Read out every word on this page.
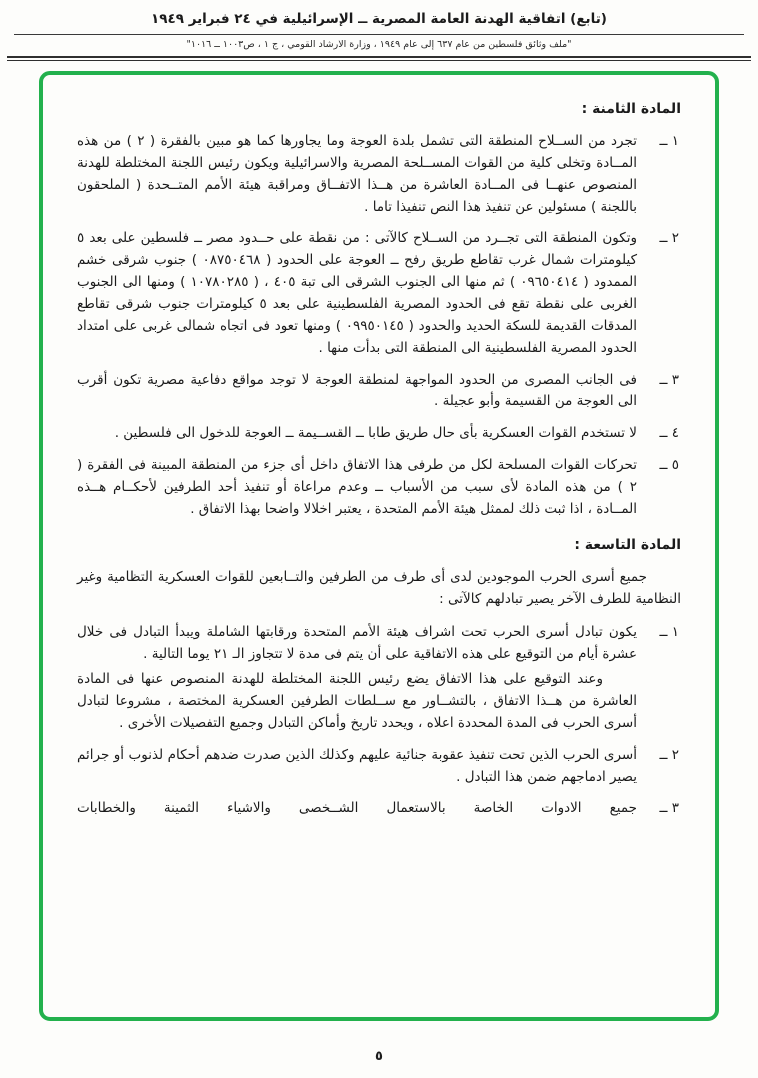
(تابع) اتفاقية الهدنة العامة المصرية ــ الإسرائيلية في ٢٤ فبراير ١٩٤٩
"ملف وثائق فلسطين من عام ٦٣٧ إلى عام ١٩٤٩ ، وزارة الارشاد القومي ، ج ١ ، ص١٠٠٣ ــ ١٠١٦"
المادة الثامنة :
١ ــ

تجرد من الســلاح المنطقة التى تشمل بلدة العوجة وما يجاورها كما هو مبين بالفقرة ( ٢ ) من هذه المــادة وتخلى كلية من القوات المســلحة المصرية والاسرائيلية ويكون رئيس اللجنة المختلطة للهدنة المنصوص عنهــا فى المــادة العاشرة من هــذا الاتفــاق ومراقبة هيئة الأمم المتــحدة ( الملحقون باللجنة ) مسئولين عن تنفيذ هذا النص تنفيذا تاما .

٢ ــ

وتكون المنطقة التى تجــرد من الســلاح كالآتى : من نقطة على حــدود مصر ــ فلسطين على بعد ٥ كيلومترات شمال غرب تقاطع طريق رفح ــ العوجة على الحدود ( ٠٨٧٥٠٤٦٨ ) جنوب شرقى خشم الممدود ( ٠٩٦٥٠٤١٤ ) ثم منها الى الجنوب الشرقى الى تبة ٤٠٥ ، ( ١٠٧٨٠٢٨٥ ) ومنها الى الجنوب الغربى على نقطة تقع فى الحدود المصرية الفلسطينية على بعد ٥ كيلومترات جنوب شرقى تقاطع المدقات القديمة للسكة الحديد والحدود ( ٠٩٩٥٠١٤٥ ) ومنها تعود فى اتجاه شمالى غربى على امتداد الحدود المصرية الفلسطينية الى المنطقة التى بدأت منها .

٣ ــ

فى الجانب المصرى من الحدود المواجهة لمنطقة العوجة لا توجد مواقع دفاعية مصرية تكون أقرب الى العوجة من القسيمة وأبو عجيلة .

٤ ــ

لا تستخدم القوات العسكرية بأى حال طريق طابا ــ القســيمة ــ العوجة للدخول الى فلسطين .

٥ ــ

تحركات القوات المسلحة لكل من طرفى هذا الاتفاق داخل أى جزء من المنطقة المبينة فى الفقرة ( ٢ ) من هذه المادة لأى سبب من الأسباب ــ وعدم مراعاة أو تنفيذ أحد الطرفين لأحكــام هــذه المــادة ، اذا ثبت ذلك لممثل هيئة الأمم المتحدة ، يعتبر اخلالا واضحا بهذا الاتفاق .

المادة التاسعة :

جميع أسرى الحرب الموجودين لدى أى طرف من الطرفين والتــابعين للقوات العسكرية التظامية وغير النظامية للطرف الآخر يصير تبادلهم كالآتى :

١ ــ

يكون تبادل أسرى الحرب تحت اشراف هيئة الأمم المتحدة ورقابتها الشاملة ويبدأ التبادل فى خلال عشرة أيام من التوقيع على هذه الاتفاقية على أن يتم فى مدة لا تتجاوز الـ ٢١ يوما التالية .

وعند التوقيع على هذا الاتفاق يضع رئيس اللجنة المختلطة للهدنة المنصوص عنها فى المادة العاشرة من هــذا الاتفاق ، بالتشــاور مع ســلطات الطرفين العسكرية المختصة ، مشروعا لتبادل أسرى الحرب فى المدة المحددة اعلاه ، ويحدد تاريخ وأماكن التبادل وجميع التفصيلات الأخرى .

٢ ــ

أسرى الحرب الذين تحت تنفيذ عقوبة جنائية عليهم وكذلك الذين صدرت ضدهم أحكام لذنوب أو جرائم يصير ادماجهم ضمن هذا التبادل .

٣ ــ

جميع الادوات الخاصة بالاستعمال الشــخصى والاشياء الثمينة والخطابات

٥
